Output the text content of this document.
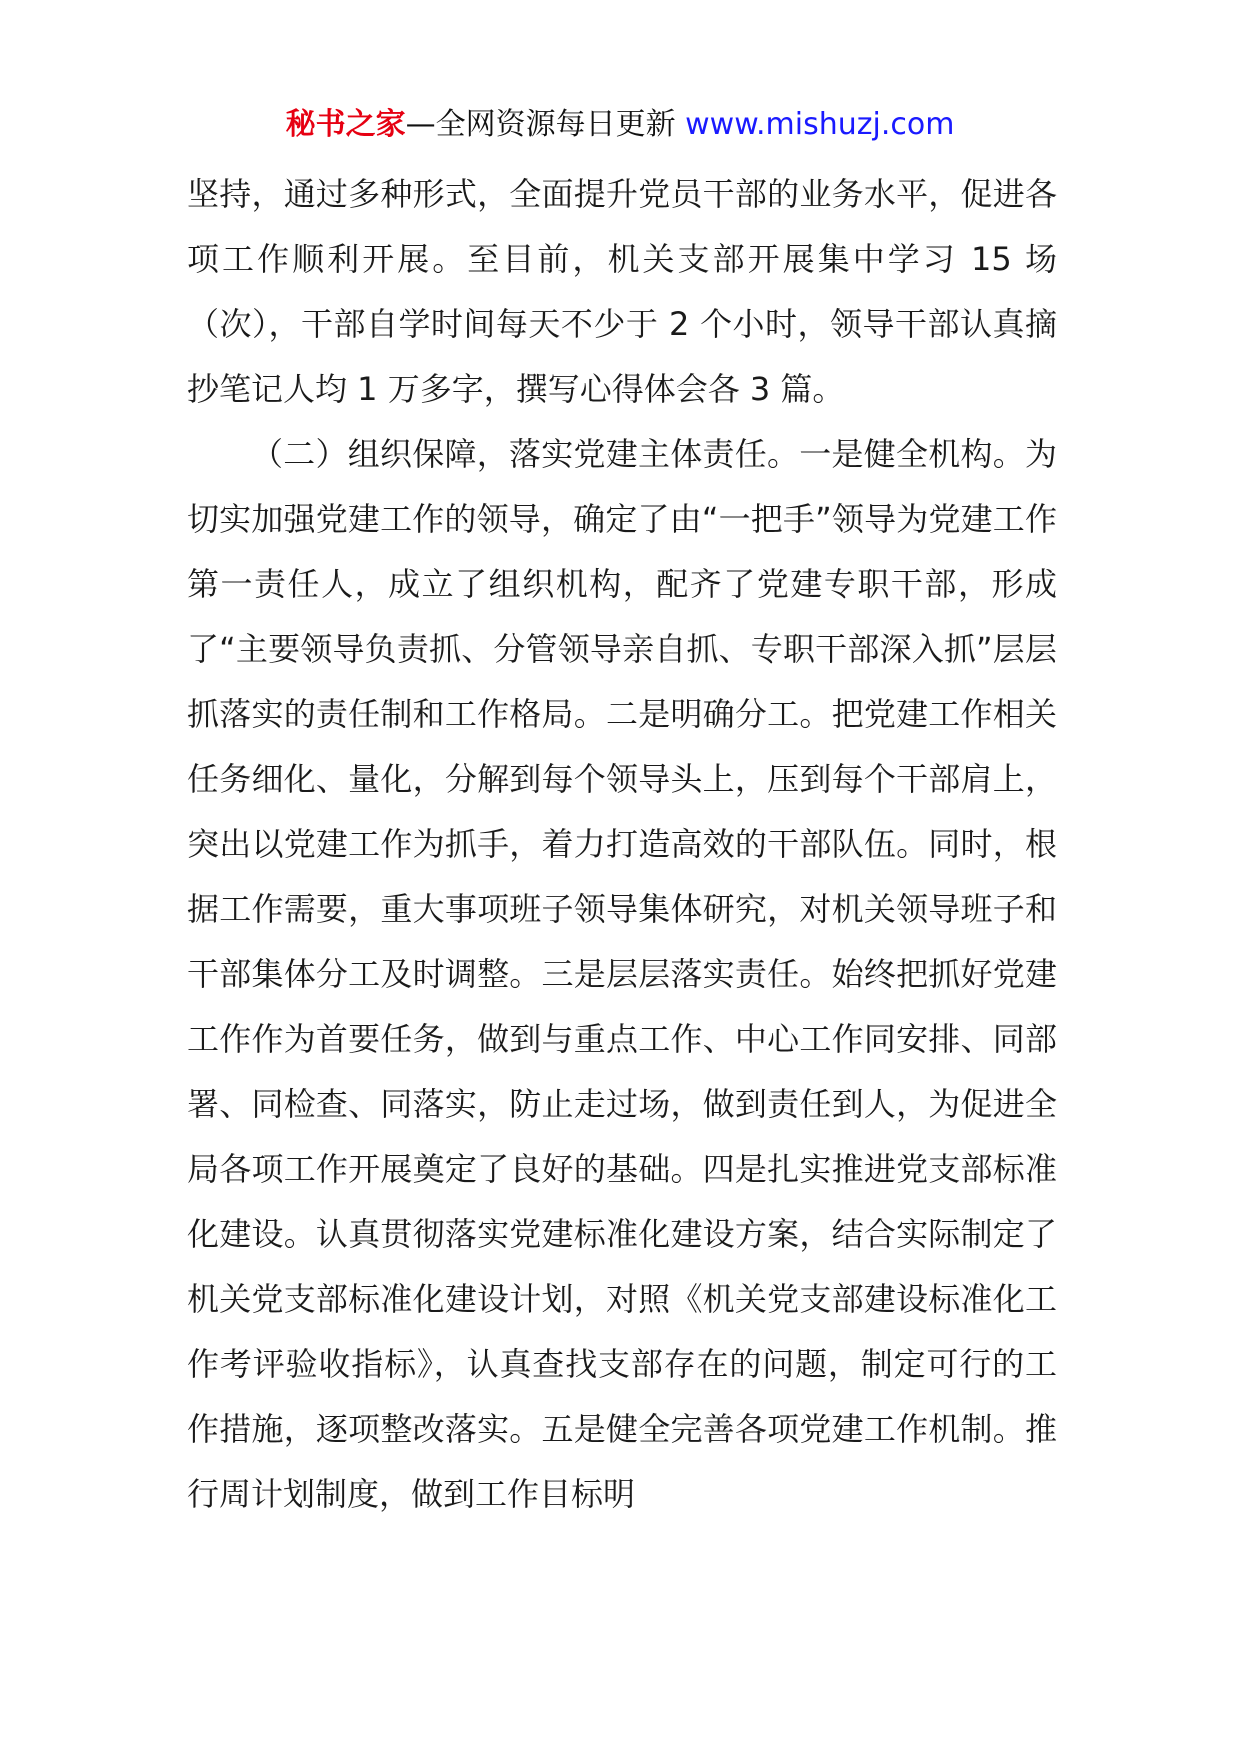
秘书之家—全网资源每日更新 www.mishuzj.com

坚持，通过多种形式，全面提升党员干部的业务水平，促进各项工作顺利开展。至目前，机关支部开展集中学习 15 场（次），干部自学时间每天不少于 2 个小时，领导干部认真摘抄笔记人均 1 万多字，撰写心得体会各 3 篇。

（二）组织保障，落实党建主体责任。一是健全机构。为切实加强党建工作的领导，确定了由“一把手”领导为党建工作第一责任人，成立了组织机构，配齐了党建专职干部，形成了“主要领导负责抓、分管领导亲自抓、专职干部深入抓”层层抓落实的责任制和工作格局。二是明确分工。把党建工作相关任务细化、量化，分解到每个领导头上，压到每个干部肩上，突出以党建工作为抓手，着力打造高效的干部队伍。同时，根据工作需要，重大事项班子领导集体研究，对机关领导班子和干部集体分工及时调整。三是层层落实责任。始终把抓好党建工作作为首要任务，做到与重点工作、中心工作同安排、同部署、同检查、同落实，防止走过场，做到责任到人，为促进全局各项工作开展奠定了良好的基础。四是扎实推进党支部标准化建设。认真贯彻落实党建标准化建设方案，结合实际制定了机关党支部标准化建设计划，对照《机关党支部建设标准化工作考评验收指标》，认真查找支部存在的问题，制定可行的工作措施，逐项整改落实。五是健全完善各项党建工作机制。推行周计划制度，做到工作目标明
